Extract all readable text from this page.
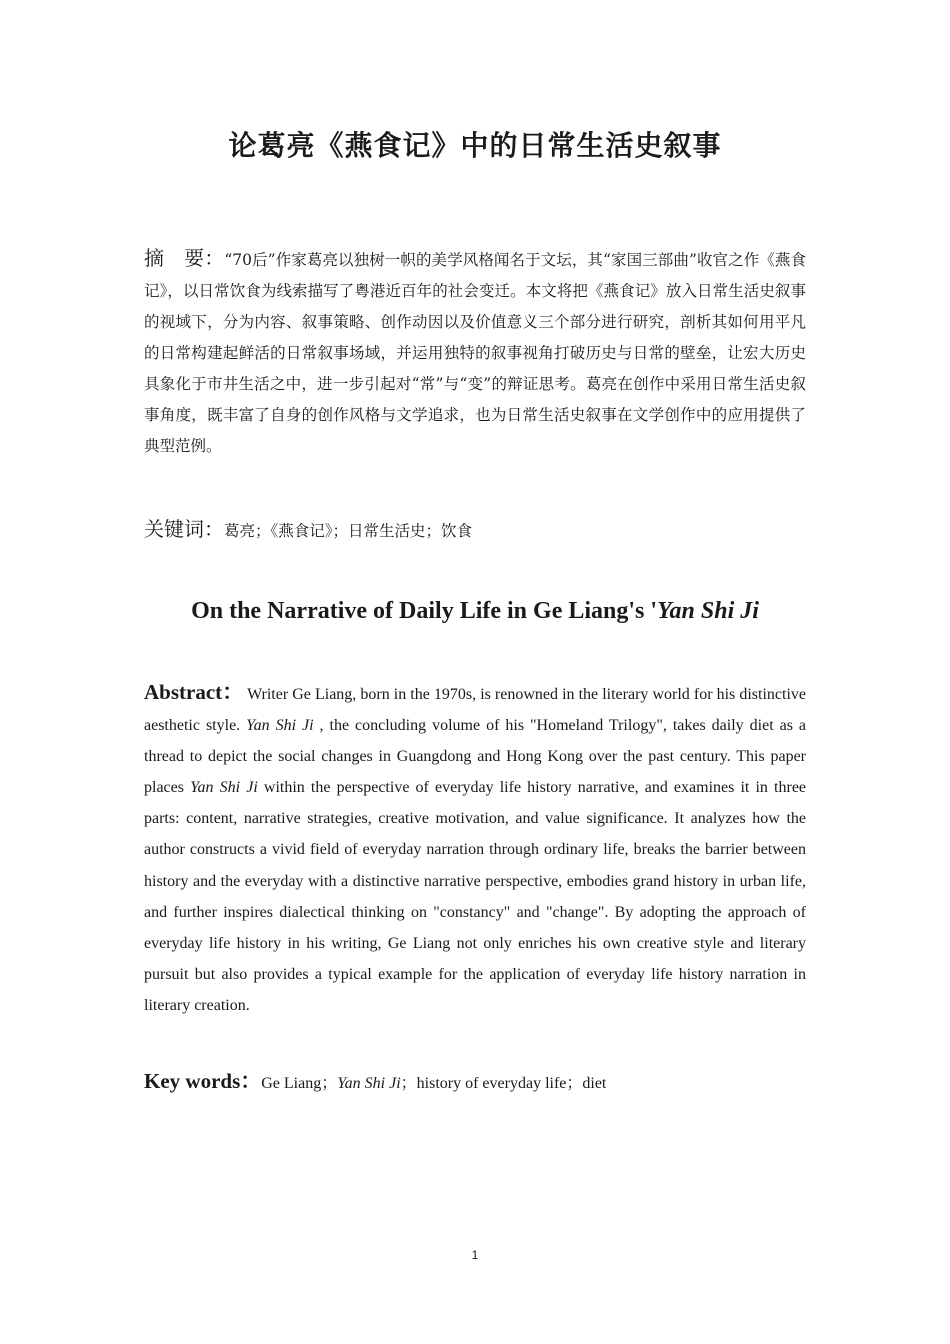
论葛亮《燕食记》中的日常生活史叙事
摘　要：“70后”作家葛亮以独树一帜的美学风格闻名于文坛，其“家国三部曲”收官之作《燕食记》，以日常饮食为线索描写了粤港近百年的社会变迁。本文将把《燕食记》放入日常生活史叙事的视域下，分为内容、叙事策略、创作动因以及价值意义三个部分进行研究，剖析其如何用平凡的日常构建起鲜活的日常叙事场域，并运用独特的叙事视角打破历史与日常的壁垒，让宏大历史具象化于市井生活之中，进一步引起对“常”与“变”的辩证思考。葛亮在创作中采用日常生活史叙事角度，既丰富了自身的创作风格与文学追求，也为日常生活史叙事在文学创作中的应用提供了典型范例。
关键词：葛亮；《燕食记》；日常生活史；饮食
On the Narrative of Daily Life in Ge Liang's 'Yan Shi Ji
Abstract： Writer Ge Liang, born in the 1970s, is renowned in the literary world for his distinctive aesthetic style. Yan Shi Ji , the concluding volume of his "Homeland Trilogy", takes daily diet as a thread to depict the social changes in Guangdong and Hong Kong over the past century. This paper places Yan Shi Ji within the perspective of everyday life history narrative, and examines it in three parts: content, narrative strategies, creative motivation, and value significance. It analyzes how the author constructs a vivid field of everyday narration through ordinary life, breaks the barrier between history and the everyday with a distinctive narrative perspective, embodies grand history in urban life, and further inspires dialectical thinking on "constancy" and "change". By adopting the approach of everyday life history in his writing, Ge Liang not only enriches his own creative style and literary pursuit but also provides a typical example for the application of everyday life history narration in literary creation.
Key words：Ge Liang；Yan Shi Ji；history of everyday life；diet
1
